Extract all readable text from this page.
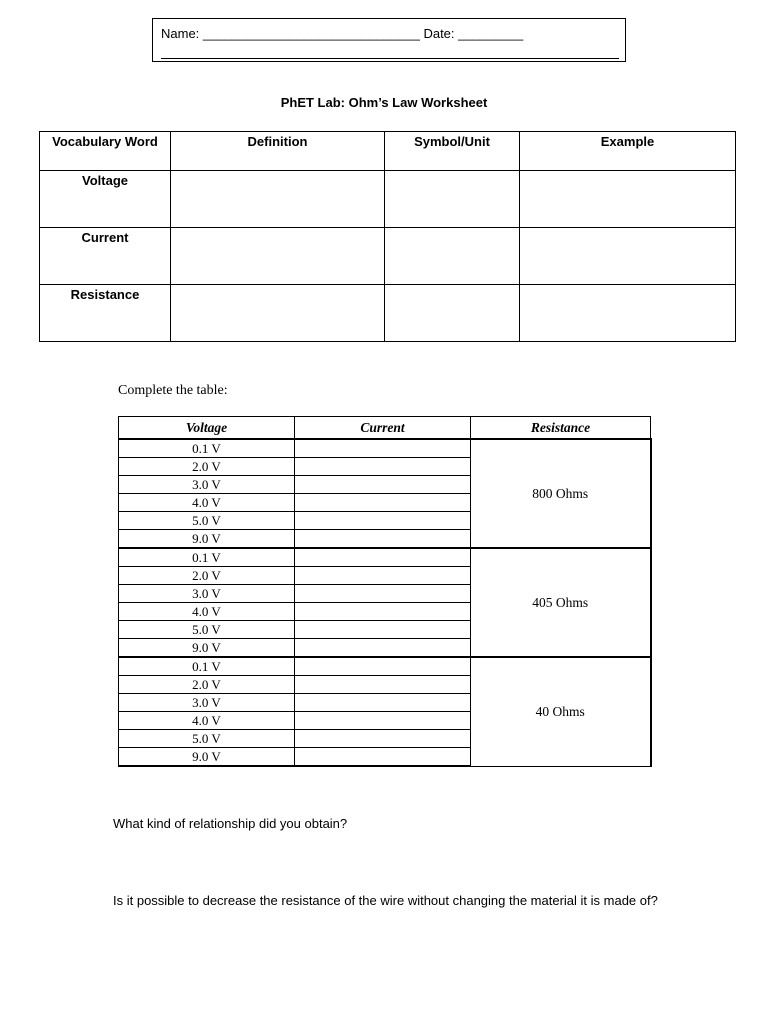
Name: ______________________________ Date: _________
PhET Lab: Ohm’s Law Worksheet
Vocabulary Word	Definition	Symbol/Unit	Example
Voltage			
Current			
Resistance			
Complete the table:
Voltage	Current	Resistance
0.1 V		800 Ohms
2.0 V		
3.0 V		
4.0 V		
5.0 V		
9.0 V		
0.1 V		405 Ohms
2.0 V		
3.0 V		
4.0 V		
5.0 V		
9.0 V		
0.1 V		40 Ohms
2.0 V		
3.0 V		
4.0 V		
5.0 V		
9.0 V		
What kind of relationship did you obtain?
Is it possible to decrease the resistance of the wire without changing the material it is made of?
